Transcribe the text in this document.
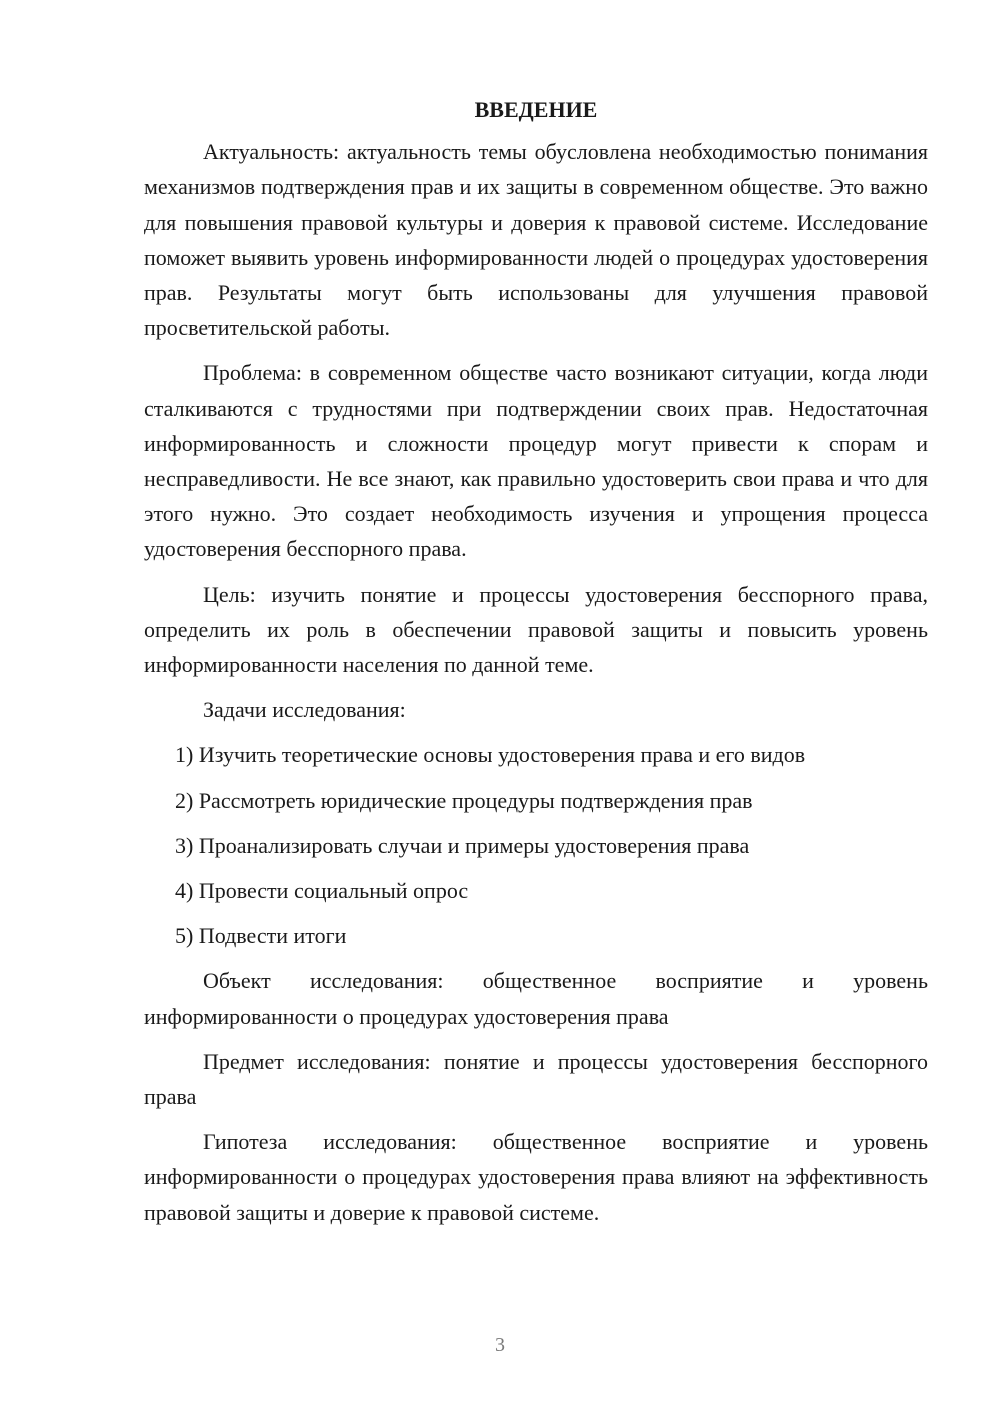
ВВЕДЕНИЕ

Актуальность: актуальность темы обусловлена необходимостью понимания механизмов подтверждения прав и их защиты в современном обществе. Это важно для повышения правовой культуры и доверия к правовой системе. Исследование поможет выявить уровень информированности людей о процедурах удостоверения прав. Результаты могут быть использованы для улучшения правовой просветительской работы.

Проблема: в современном обществе часто возникают ситуации, когда люди сталкиваются с трудностями при подтверждении своих прав. Недостаточная информированность и сложности процедур могут привести к спорам и несправедливости. Не все знают, как правильно удостоверить свои права и что для этого нужно. Это создает необходимость изучения и упрощения процесса удостоверения бесспорного права.

Цель: изучить понятие и процессы удостоверения бесспорного права, определить их роль в обеспечении правовой защиты и повысить уровень информированности населения по данной теме.

Задачи исследования:

1) Изучить теоретические основы удостоверения права и его видов

2) Рассмотреть юридические процедуры подтверждения прав

3) Проанализировать случаи и примеры удостоверения права

4) Провести социальный опрос

5) Подвести итоги

Объект исследования: общественное восприятие и уровень информированности о процедурах удостоверения права

Предмет исследования: понятие и процессы удостоверения бесспорного права

Гипотеза исследования: общественное восприятие и уровень информированности о процедурах удостоверения права влияют на эффективность правовой защиты и доверие к правовой системе.

3
